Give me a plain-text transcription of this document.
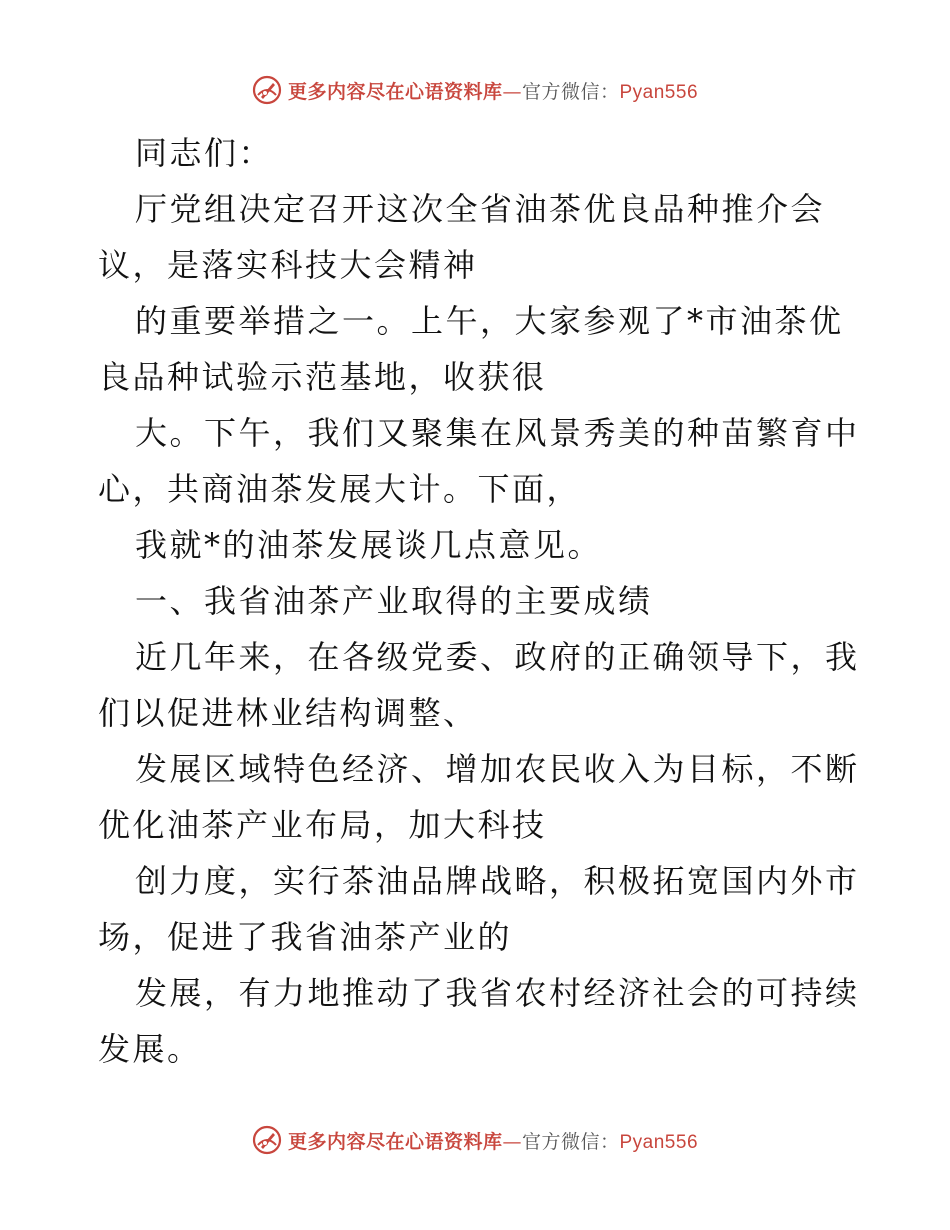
更多内容尽在心语资料库—官方微信：Pyan556
同志们：
厅党组决定召开这次全省油茶优良品种推介会
议，是落实科技大会精神
的重要举措之一。上午，大家参观了*市油茶优
良品种试验示范基地，收获很
大。下午，我们又聚集在风景秀美的种苗繁育中
心，共商油茶发展大计。下面，
我就*的油茶发展谈几点意见。
一、我省油茶产业取得的主要成绩
近几年来，在各级党委、政府的正确领导下，我
们以促进林业结构调整、
发展区域特色经济、增加农民收入为目标，不断
优化油茶产业布局，加大科技
创力度，实行茶油品牌战略，积极拓宽国内外市
场，促进了我省油茶产业的
发展，有力地推动了我省农村经济社会的可持续
发展。
更多内容尽在心语资料库—官方微信：Pyan556
